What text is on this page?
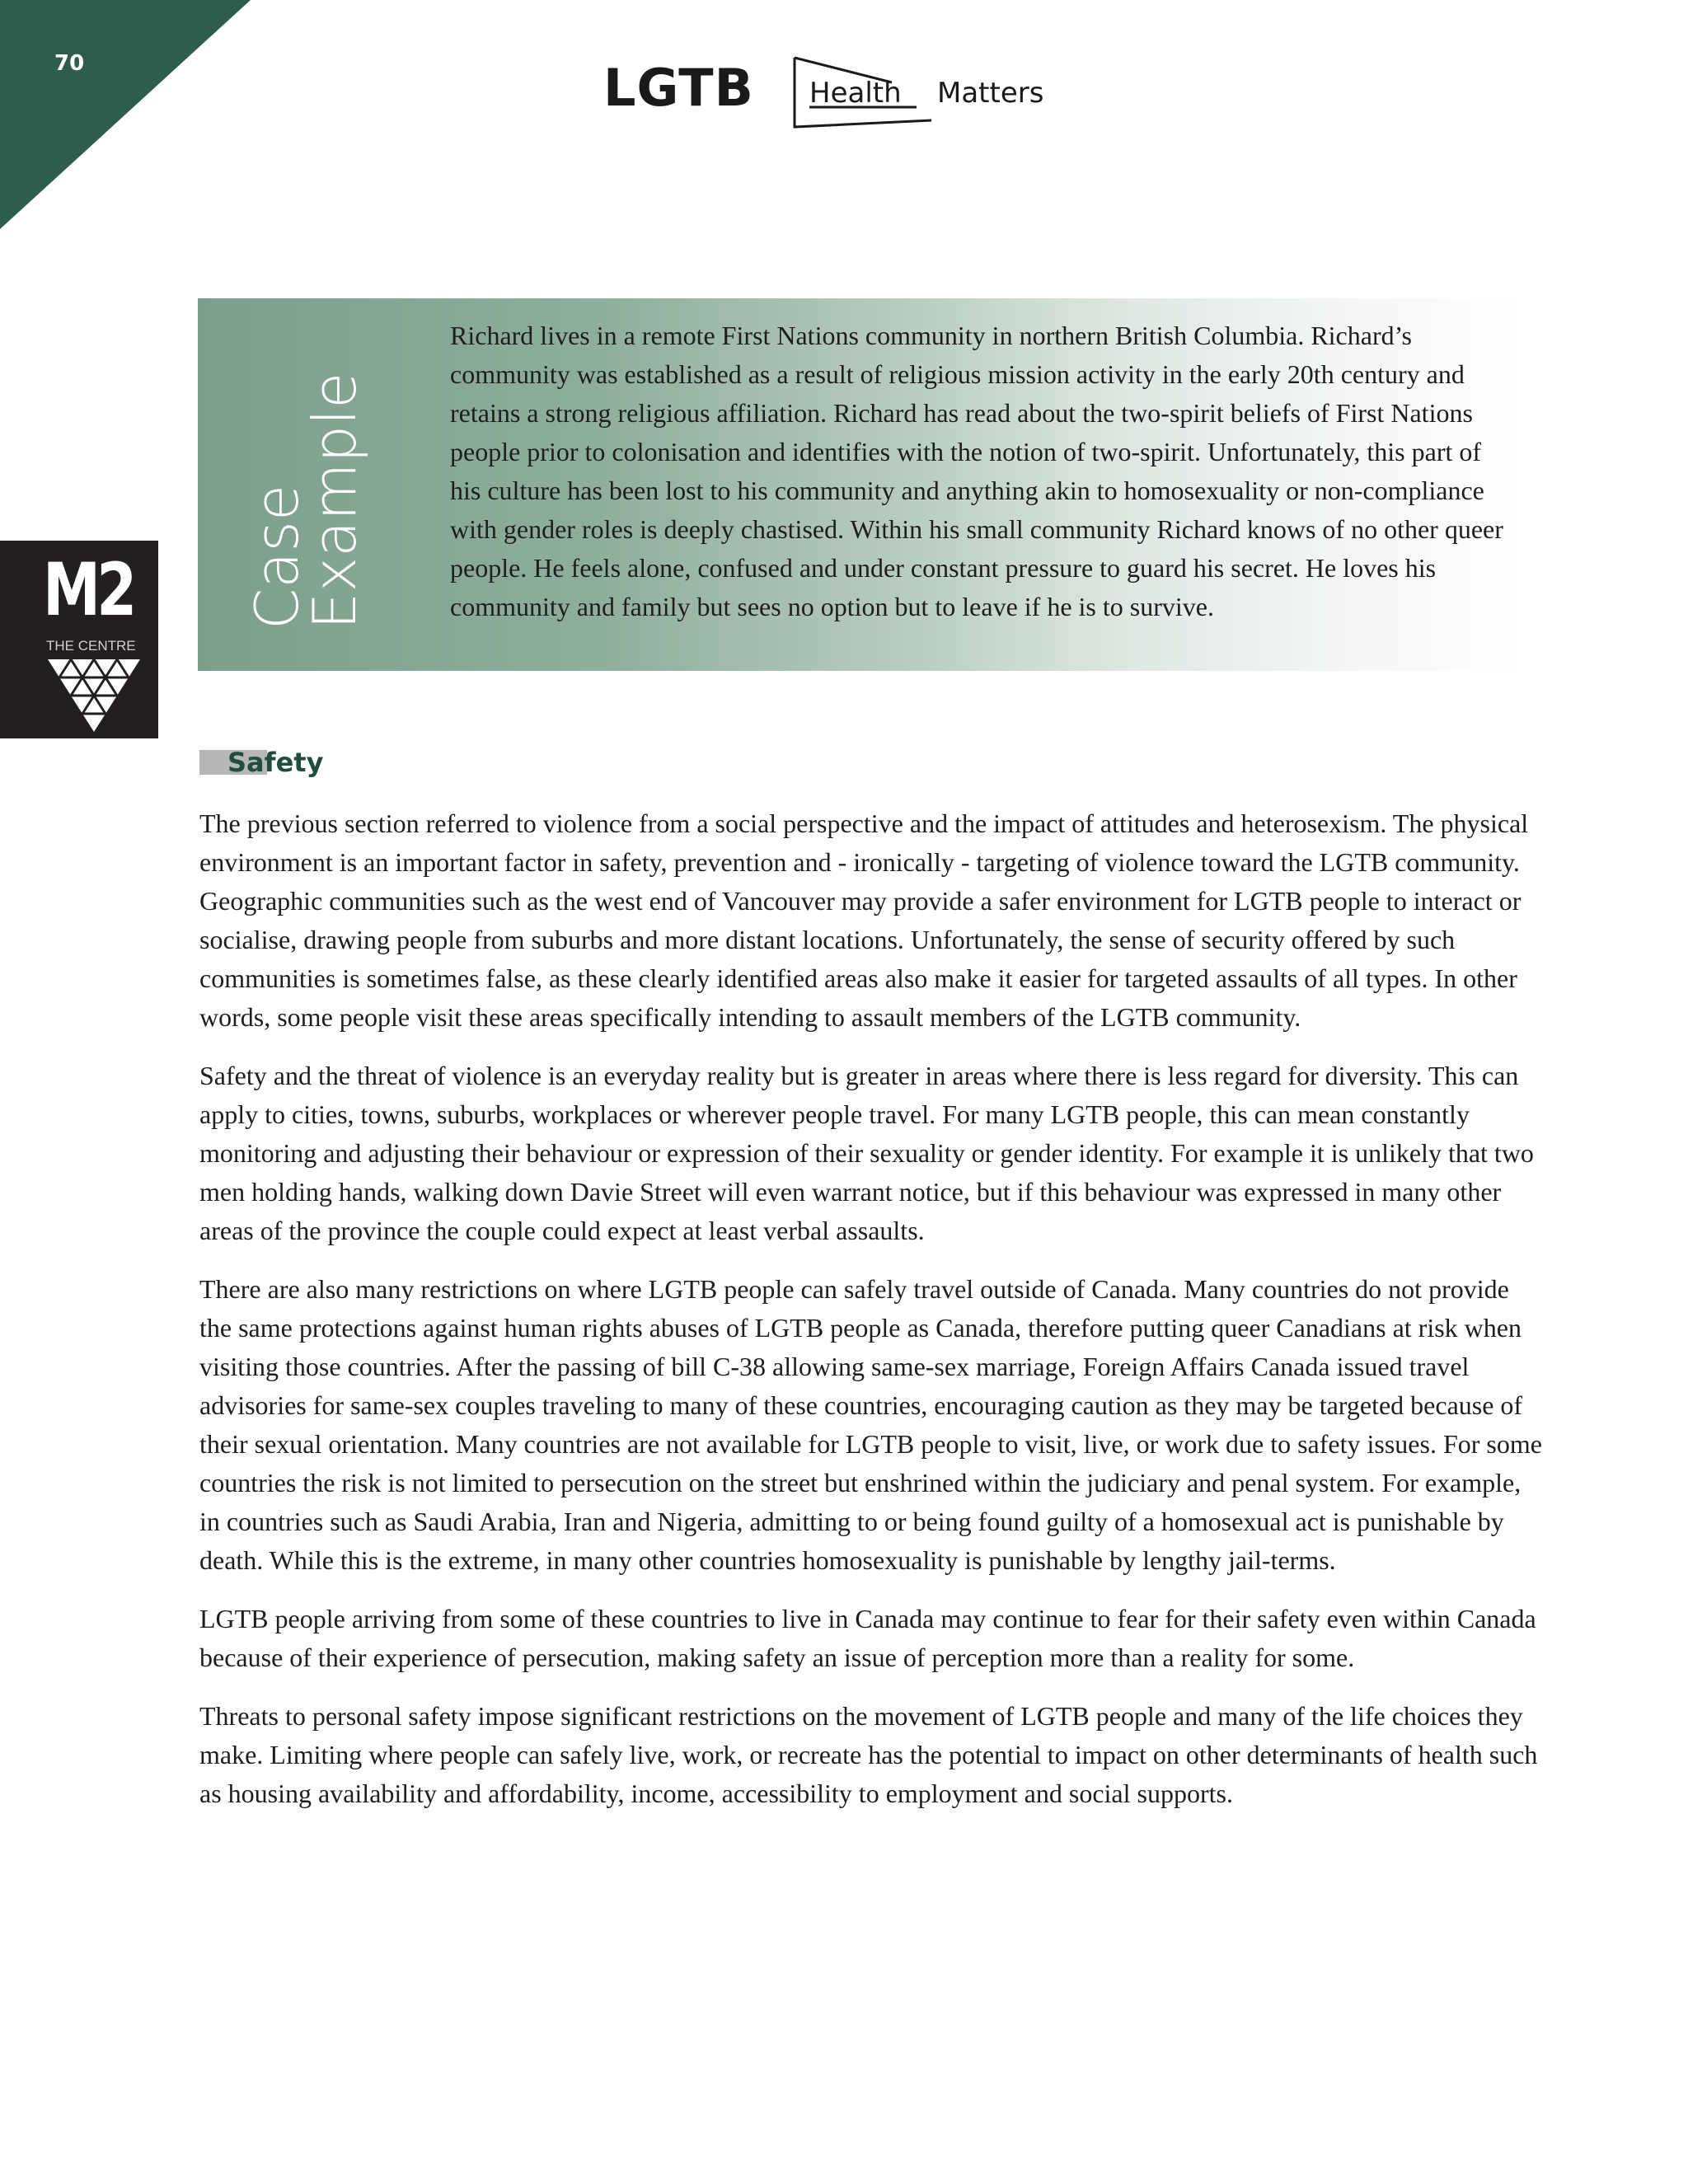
70	LGTB Health Matters
M2
THE CENTRE
Case
Example
Richard lives in a remote First Nations community in northern British Columbia. Richard’s community was established as a result of religious mission activity in the early 20th century and retains a strong religious affiliation. Richard has read about the two-spirit beliefs of First Nations people prior to colonisation and identifies with the notion of two-spirit. Unfortunately, this part of his culture has been lost to his community and anything akin to homosexuality or non-compliance with gender roles is deeply chastised. Within his small community Richard knows of no other queer people. He feels alone, confused and under constant pressure to guard his secret. He loves his community and family but sees no option but to leave if he is to survive.
Safety

The previous section referred to violence from a social perspective and the impact of attitudes and heterosexism. The physical environment is an important factor in safety, prevention and - ironically - targeting of violence toward the LGTB community. Geographic communities such as the west end of Vancouver may provide a safer environment for LGTB people to interact or socialise, drawing people from suburbs and more distant locations. Unfortunately, the sense of security offered by such communities is sometimes false, as these clearly identified areas also make it easier for targeted assaults of all types. In other words, some people visit these areas specifically intending to assault members of the LGTB community.

Safety and the threat of violence is an everyday reality but is greater in areas where there is less regard for diversity. This can apply to cities, towns, suburbs, workplaces or wherever people travel. For many LGTB people, this can mean constantly monitoring and adjusting their behaviour or expression of their sexuality or gender identity. For example it is unlikely that two men holding hands, walking down Davie Street will even warrant notice, but if this behaviour was expressed in many other areas of the province the couple could expect at least verbal assaults.

There are also many restrictions on where LGTB people can safely travel outside of Canada. Many countries do not provide the same protections against human rights abuses of LGTB people as Canada, therefore putting queer Canadians at risk when visiting those countries. After the passing of bill C-38 allowing same-sex marriage, Foreign Affairs Canada issued travel advisories for same-sex couples traveling to many of these countries, encouraging caution as they may be targeted because of their sexual orientation. Many countries are not available for LGTB people to visit, live, or work due to safety issues. For some countries the risk is not limited to persecution on the street but enshrined within the judiciary and penal system. For example, in countries such as Saudi Arabia, Iran and Nigeria, admitting to or being found guilty of a homosexual act is punishable by death. While this is the extreme, in many other countries homosexuality is punishable by lengthy jail-terms.

LGTB people arriving from some of these countries to live in Canada may continue to fear for their safety even within Canada because of their experience of persecution, making safety an issue of perception more than a reality for some.

Threats to personal safety impose significant restrictions on the movement of LGTB people and many of the life choices they make. Limiting where people can safely live, work, or recreate has the potential to impact on other determinants of health such as housing availability and affordability, income, accessibility to employment and social supports.
